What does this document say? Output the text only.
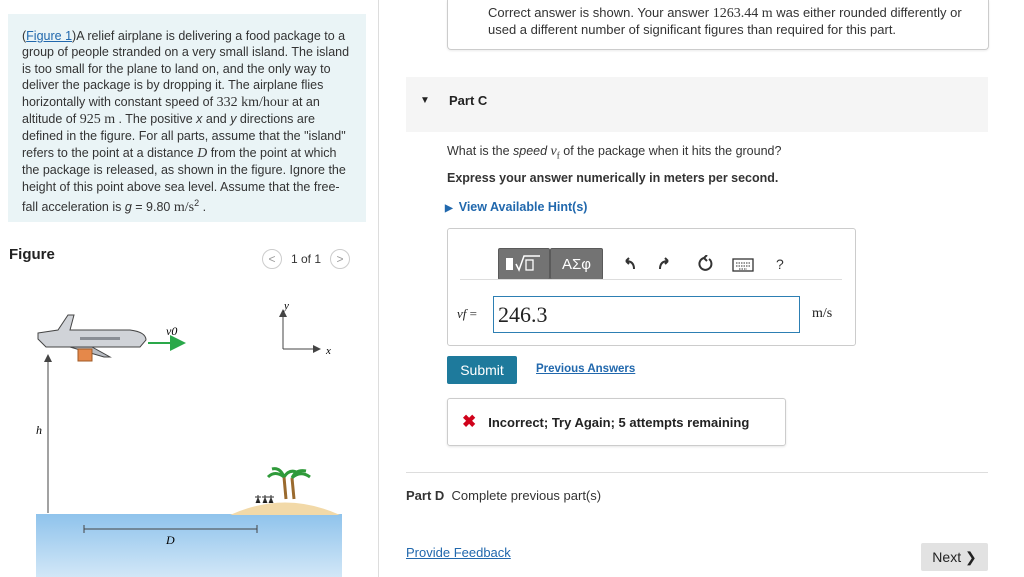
(Figure 1)A relief airplane is delivering a food package to a group of people stranded on a very small island. The island is too small for the plane to land on, and the only way to deliver the package is by dropping it. The airplane flies horizontally with constant speed of 332 km/hour at an altitude of 925 m . The positive x and y directions are defined in the figure. For all parts, assume that the "island" refers to the point at a distance D from the point at which the package is released, as shown in the figure. Ignore the height of this point above sea level. Assume that the free-fall acceleration is g = 9.80 $m/s^2$ .
Figure	<	1 of 1	>
v0
y
x
h
D
Correct answer is shown. Your answer 1263.44 m was either rounded differently or used a different number of significant figures than required for this part.
▼ Part C
What is the speed $v_f$ of the package when it hits the ground?
Express your answer numerically in meters per second.
▶ View Available Hint(s)
ΑΣφ	?
vf = 246.3	m/s
Submit	Previous Answers
✖ Incorrect; Try Again; 5 attempts remaining
Part D Complete previous part(s)
Provide Feedback	Next ❯
